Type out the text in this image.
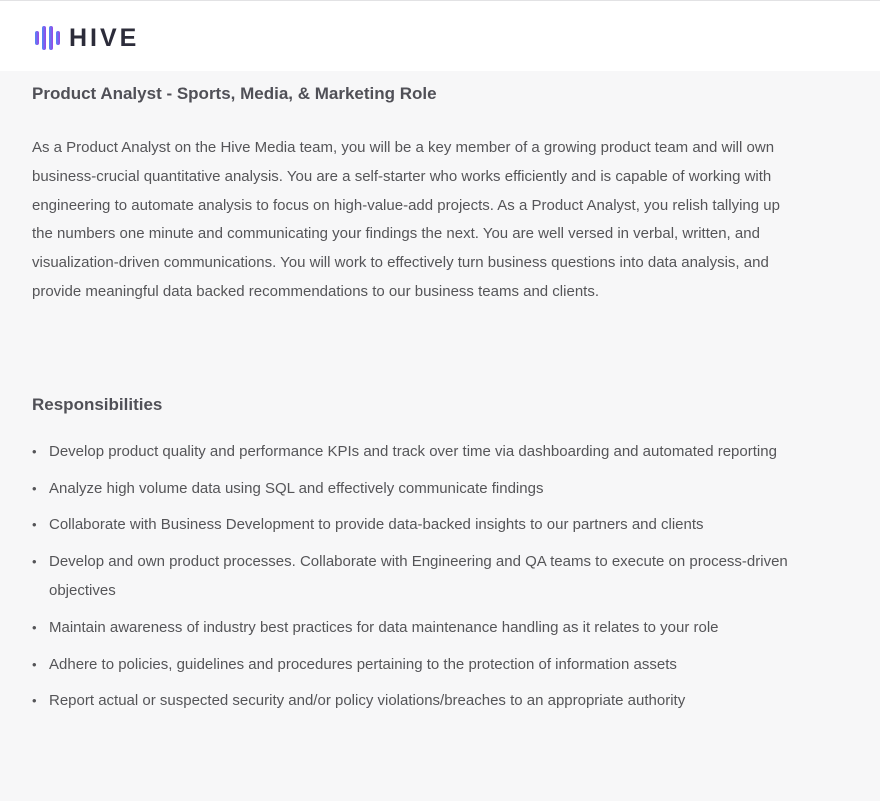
HIVE
Product Analyst - Sports, Media, & Marketing Role

As a Product Analyst on the Hive Media team, you will be a key member of a growing product team and will own business-crucial quantitative analysis. You are a self-starter who works efficiently and is capable of working with engineering to automate analysis to focus on high-value-add projects. As a Product Analyst, you relish tallying up the numbers one minute and communicating your findings the next. You are well versed in verbal, written, and visualization-driven communications. You will work to effectively turn business questions into data analysis, and provide meaningful data backed recommendations to our business teams and clients.

Responsibilities
• Develop product quality and performance KPIs and track over time via dashboarding and automated reporting
• Analyze high volume data using SQL and effectively communicate findings
• Collaborate with Business Development to provide data-backed insights to our partners and clients
• Develop and own product processes. Collaborate with Engineering and QA teams to execute on process-driven objectives
• Maintain awareness of industry best practices for data maintenance handling as it relates to your role
• Adhere to policies, guidelines and procedures pertaining to the protection of information assets
• Report actual or suspected security and/or policy violations/breaches to an appropriate authority
